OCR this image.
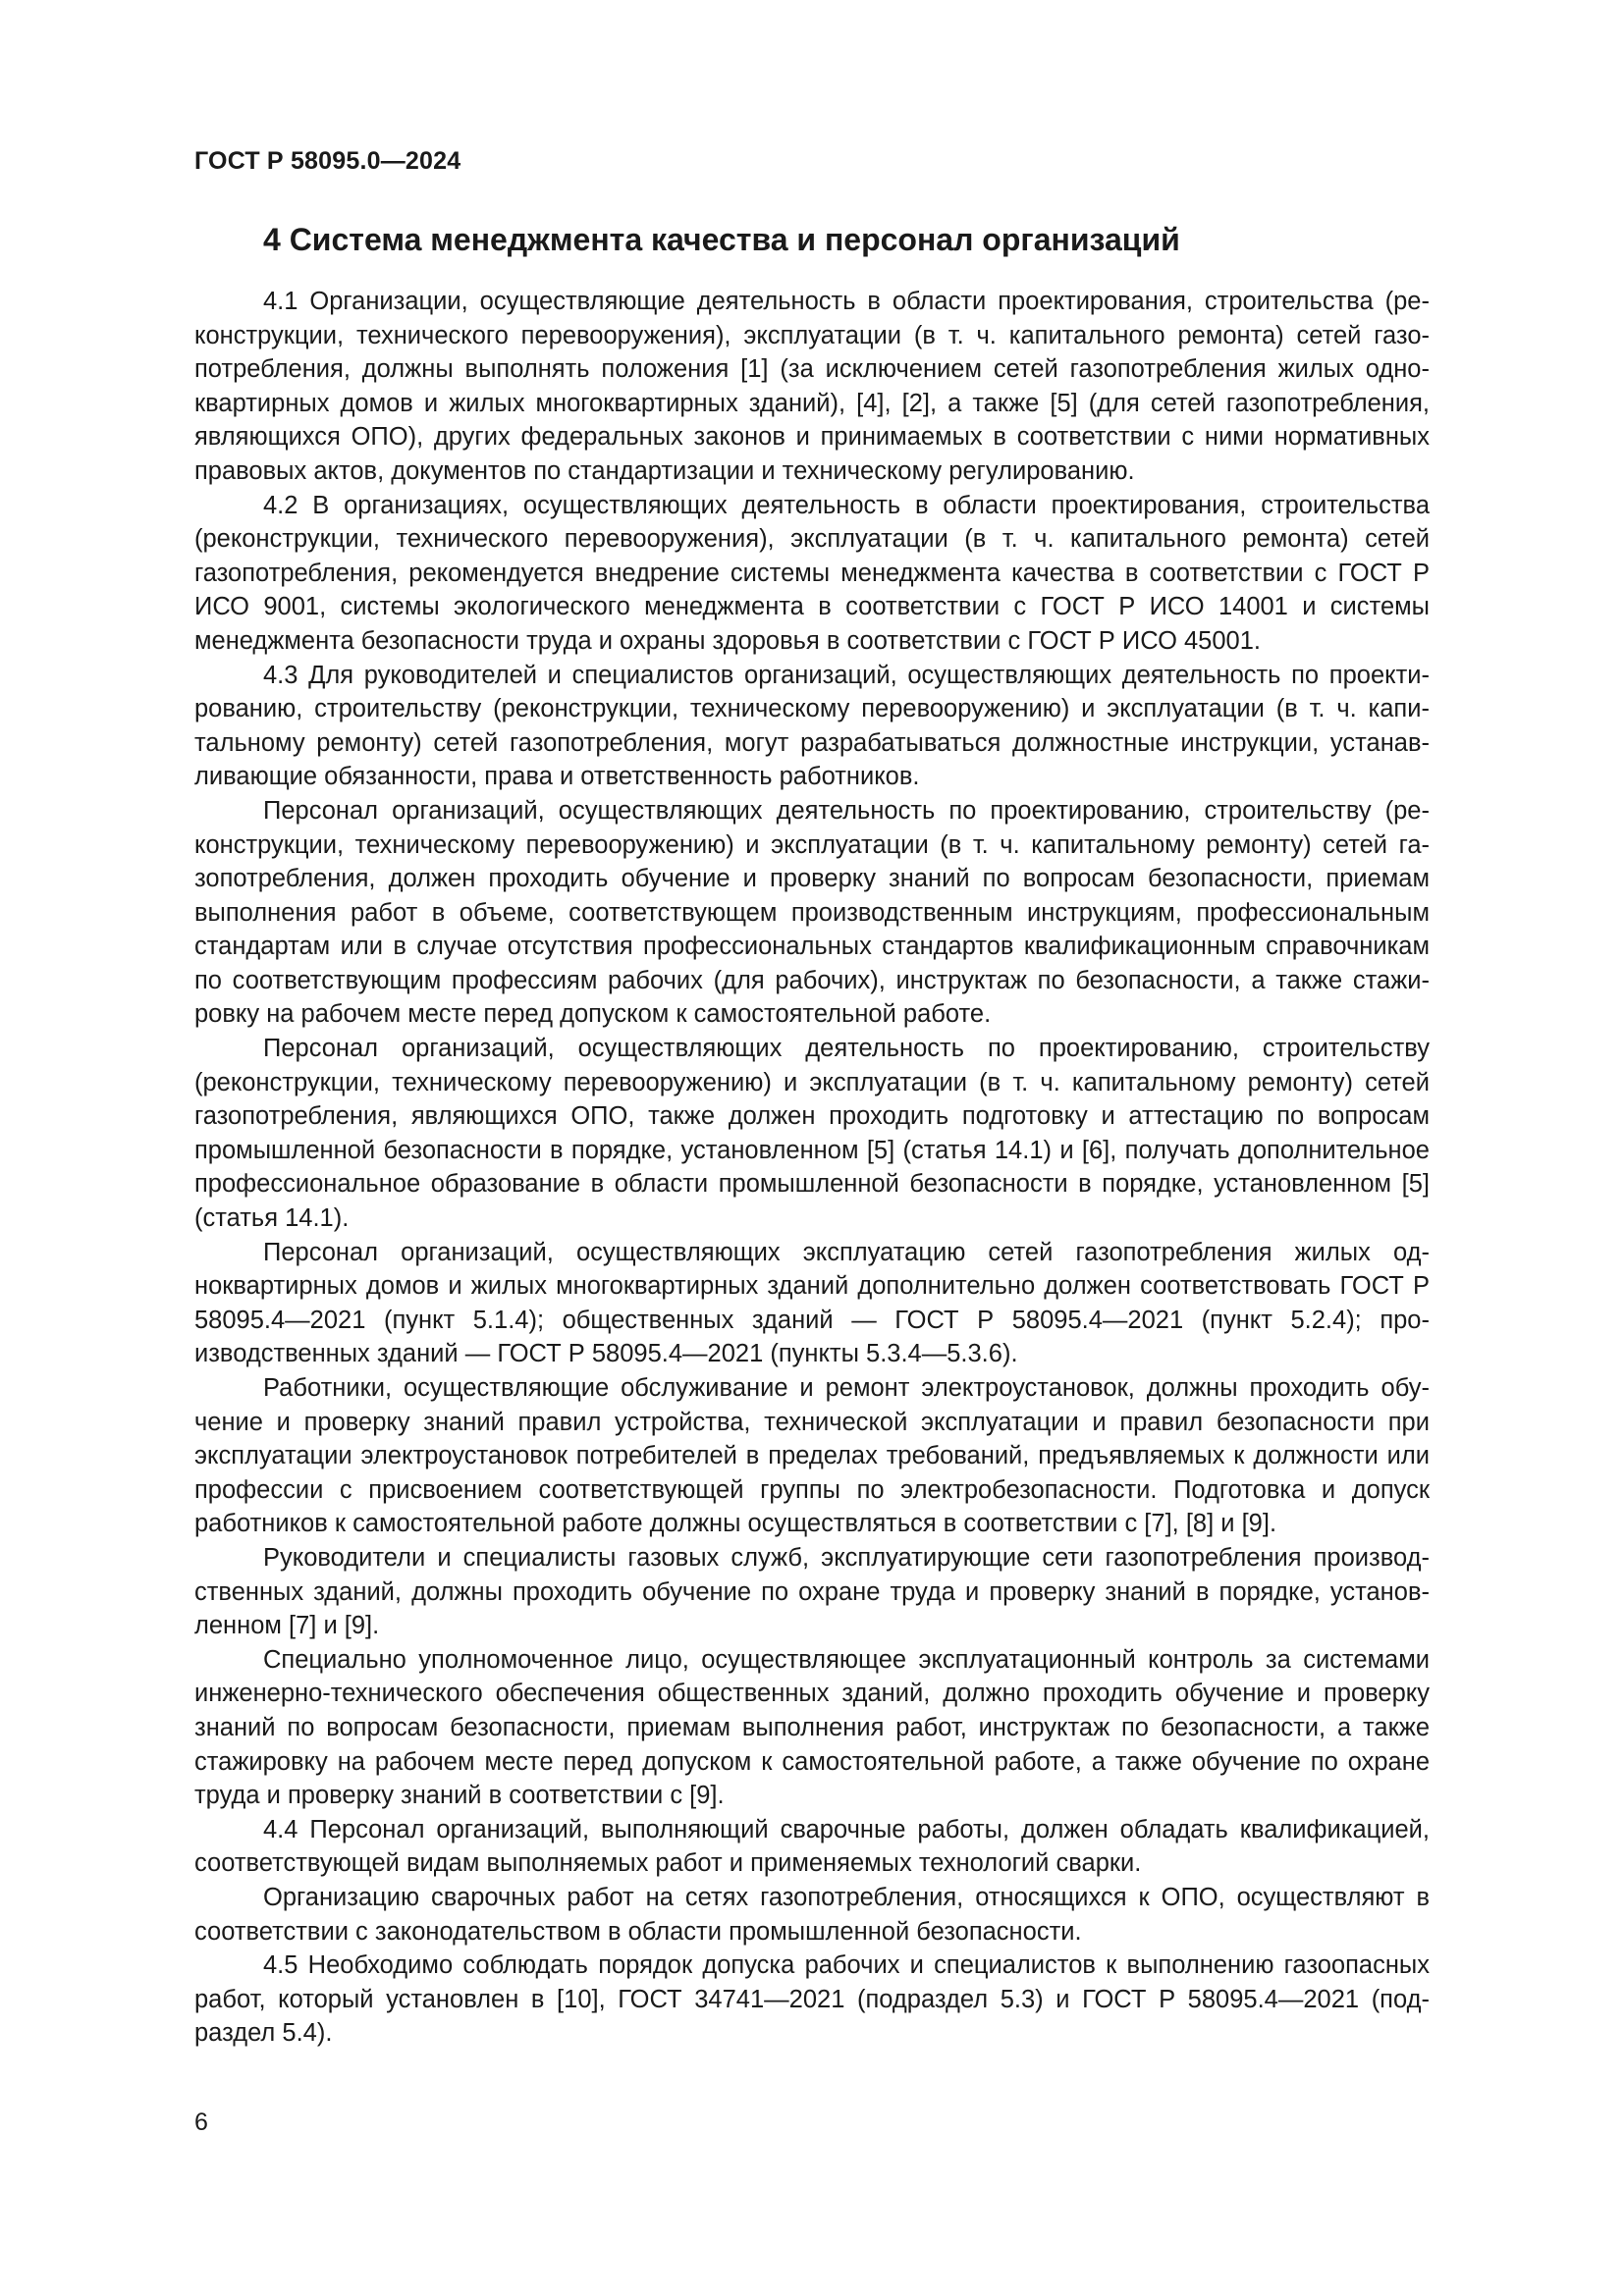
ГОСТ Р 58095.0—2024
4 Система менеджмента качества и персонал организаций

4.1 Организации, осуществляющие деятельность в области проектирования, строительства (реконструкции, технического перевооружения), эксплуатации (в т. ч. капитального ремонта) сетей газопотребления, должны выполнять положения [1] (за исключением сетей газопотребления жилых одноквартирных домов и жилых многоквартирных зданий), [4], [2], а также [5] (для сетей газопотребления, являющихся ОПО), других федеральных законов и принимаемых в соответствии с ними нормативных правовых актов, документов по стандартизации и техническому регулированию.

4.2 В организациях, осуществляющих деятельность в области проектирования, строительства (реконструкции, технического перевооружения), эксплуатации (в т. ч. капитального ремонта) сетей газопотребления, рекомендуется внедрение системы менеджмента качества в соответствии с ГОСТ Р ИСО 9001, системы экологического менеджмента в соответствии с ГОСТ Р ИСО 14001 и системы менеджмента безопасности труда и охраны здоровья в соответствии с ГОСТ Р ИСО 45001.

4.3 Для руководителей и специалистов организаций, осуществляющих деятельность по проектированию, строительству (реконструкции, техническому перевооружению) и эксплуатации (в т. ч. капитальному ремонту) сетей газопотребления, могут разрабатываться должностные инструкции, устанавливающие обязанности, права и ответственность работников.

Персонал организаций, осуществляющих деятельность по проектированию, строительству (реконструкции, техническому перевооружению) и эксплуатации (в т. ч. капитальному ремонту) сетей газопотребления, должен проходить обучение и проверку знаний по вопросам безопасности, приемам выполнения работ в объеме, соответствующем производственным инструкциям, профессиональным стандартам или в случае отсутствия профессиональных стандартов квалификационным справочникам по соответствующим профессиям рабочих (для рабочих), инструктаж по безопасности, а также стажировку на рабочем месте перед допуском к самостоятельной работе.

Персонал организаций, осуществляющих деятельность по проектированию, строительству (реконструкции, техническому перевооружению) и эксплуатации (в т. ч. капитальному ремонту) сетей газопотребления, являющихся ОПО, также должен проходить подготовку и аттестацию по вопросам промышленной безопасности в порядке, установленном [5] (статья 14.1) и [6], получать дополнительное профессиональное образование в области промышленной безопасности в порядке, установленном [5] (статья 14.1).

Персонал организаций, осуществляющих эксплуатацию сетей газопотребления жилых одноквартирных домов и жилых многоквартирных зданий дополнительно должен соответствовать ГОСТ Р 58095.4—2021 (пункт 5.1.4); общественных зданий — ГОСТ Р 58095.4—2021 (пункт 5.2.4); производственных зданий — ГОСТ Р 58095.4—2021 (пункты 5.3.4—5.3.6).

Работники, осуществляющие обслуживание и ремонт электроустановок, должны проходить обучение и проверку знаний правил устройства, технической эксплуатации и правил безопасности при эксплуатации электроустановок потребителей в пределах требований, предъявляемых к должности или профессии с присвоением соответствующей группы по электробезопасности. Подготовка и допуск работников к самостоятельной работе должны осуществляться в соответствии с [7], [8] и [9].

Руководители и специалисты газовых служб, эксплуатирующие сети газопотребления производственных зданий, должны проходить обучение по охране труда и проверку знаний в порядке, установленном [7] и [9].

Специально уполномоченное лицо, осуществляющее эксплуатационный контроль за системами инженерно-технического обеспечения общественных зданий, должно проходить обучение и проверку знаний по вопросам безопасности, приемам выполнения работ, инструктаж по безопасности, а также стажировку на рабочем месте перед допуском к самостоятельной работе, а также обучение по охране труда и проверку знаний в соответствии с [9].

4.4 Персонал организаций, выполняющий сварочные работы, должен обладать квалификацией, соответствующей видам выполняемых работ и применяемых технологий сварки.

Организацию сварочных работ на сетях газопотребления, относящихся к ОПО, осуществляют в соответствии с законодательством в области промышленной безопасности.

4.5 Необходимо соблюдать порядок допуска рабочих и специалистов к выполнению газоопасных работ, который установлен в [10], ГОСТ 34741—2021 (подраздел 5.3) и ГОСТ Р 58095.4—2021 (подраздел 5.4).

6
